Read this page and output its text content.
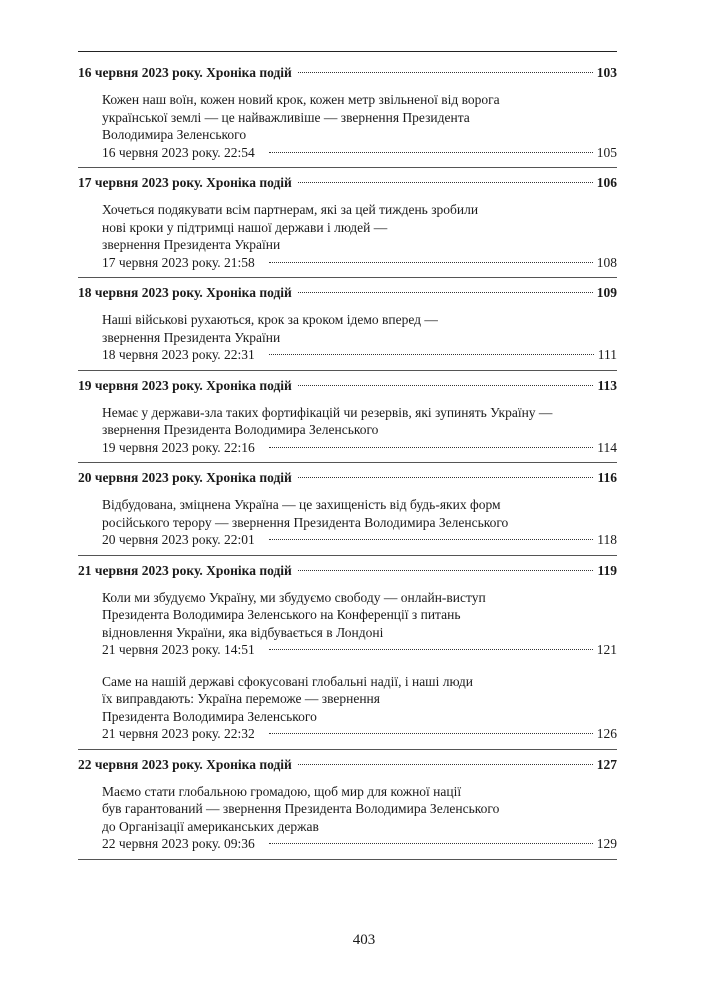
16 червня 2023 року. Хроніка подій	103
Кожен наш воїн, кожен новий крок, кожен метр звільненої від ворога
української землі — це найважливіше — звернення Президента
Володимира Зеленського
16 червня 2023 року. 22:54	105
17 червня 2023 року. Хроніка подій	106
Хочеться подякувати всім партнерам, які за цей тиждень зробили
нові кроки у підтримці нашої держави і людей —
звернення Президента України
17 червня 2023 року. 21:58	108
18 червня 2023 року. Хроніка подій	109
Наші військові рухаються, крок за кроком ідемо вперед —
звернення Президента України
18 червня 2023 року. 22:31	111
19 червня 2023 року. Хроніка подій	113
Немає у держави-зла таких фортифікацій чи резервів, які зупинять Україну —
звернення Президента Володимира Зеленського
19 червня 2023 року. 22:16	114
20 червня 2023 року. Хроніка подій	116
Відбудована, зміцнена Україна — це захищеність від будь-яких форм
російського терору — звернення Президента Володимира Зеленського
20 червня 2023 року. 22:01	118
21 червня 2023 року. Хроніка подій	119
Коли ми збудуємо Україну, ми збудуємо свободу — онлайн-виступ
Президента Володимира Зеленського на Конференції з питань
відновлення України, яка відбувається в Лондоні
21 червня 2023 року. 14:51	121
Саме на нашій державі сфокусовані глобальні надії, і наші люди
їх виправдають: Україна переможе — звернення
Президента Володимира Зеленського
21 червня 2023 року. 22:32	126
22 червня 2023 року. Хроніка подій	127
Маємо стати глобальною громадою, щоб мир для кожної нації
був гарантований — звернення Президента Володимира Зеленського
до Організації американських держав
22 червня 2023 року. 09:36	129
403
